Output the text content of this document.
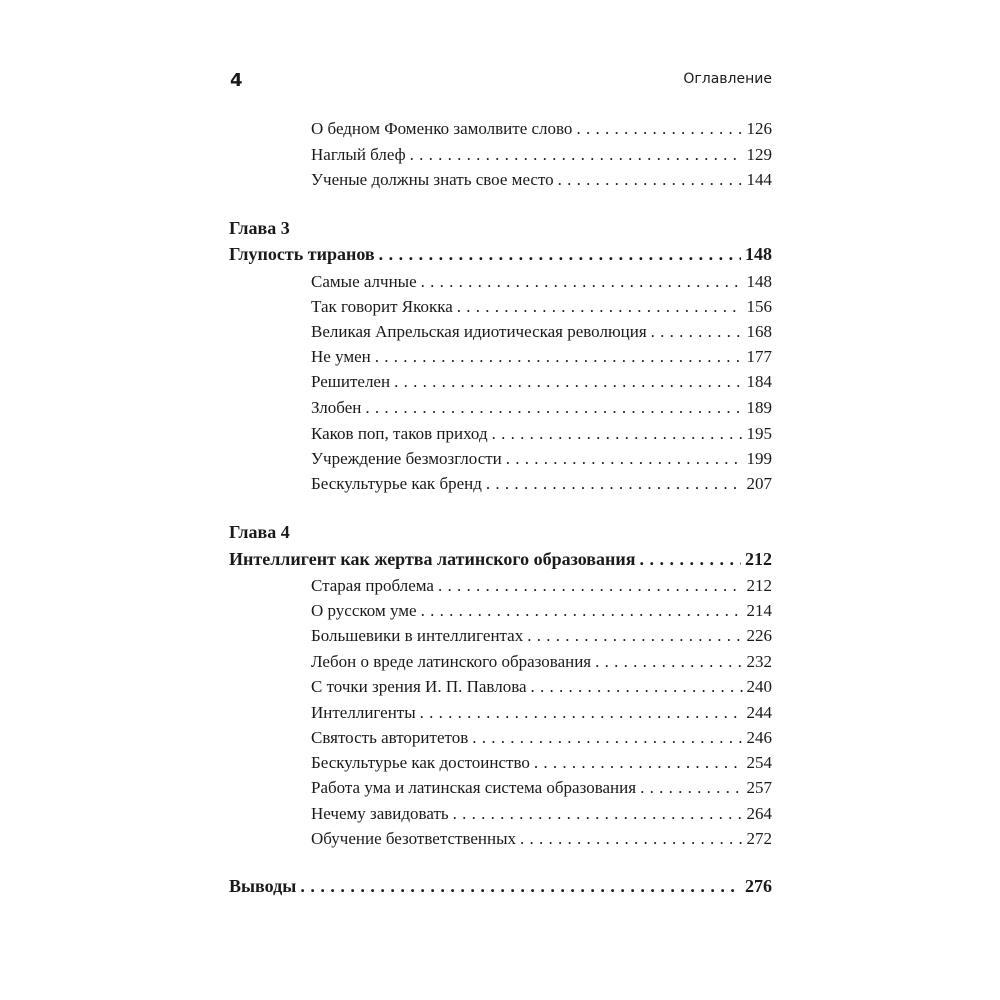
4	Оглавление
О бедном Фоменко замолвите слово . . .	126
Наглый блеф . . .	129
Ученые должны знать свое место . . .	144
Глава 3
Глупость тиранов . . .	148
Самые алчные . . .	148
Так говорит Якокка . . .	156
Великая Апрельская идиотическая революция . . .	168
Не умен . . .	177
Решителен . . .	184
Злобен . . .	189
Каков поп, таков приход . . .	195
Учреждение безмозглости . . .	199
Бескультурье как бренд . . .	207
Глава 4
Интеллигент как жертва латинского образования . . .	212
Старая проблема . . .	212
О русском уме . . .	214
Большевики в интеллигентах . . .	226
Лебон о вреде латинского образования . . .	232
С точки зрения И. П. Павлова . . .	240
Интеллигенты . . .	244
Святость авторитетов . . .	246
Бескультурье как достоинство . . .	254
Работа ума и латинская система образования . . .	257
Нечему завидовать . . .	264
Обучение безответственных . . .	272
Выводы . . .	276
